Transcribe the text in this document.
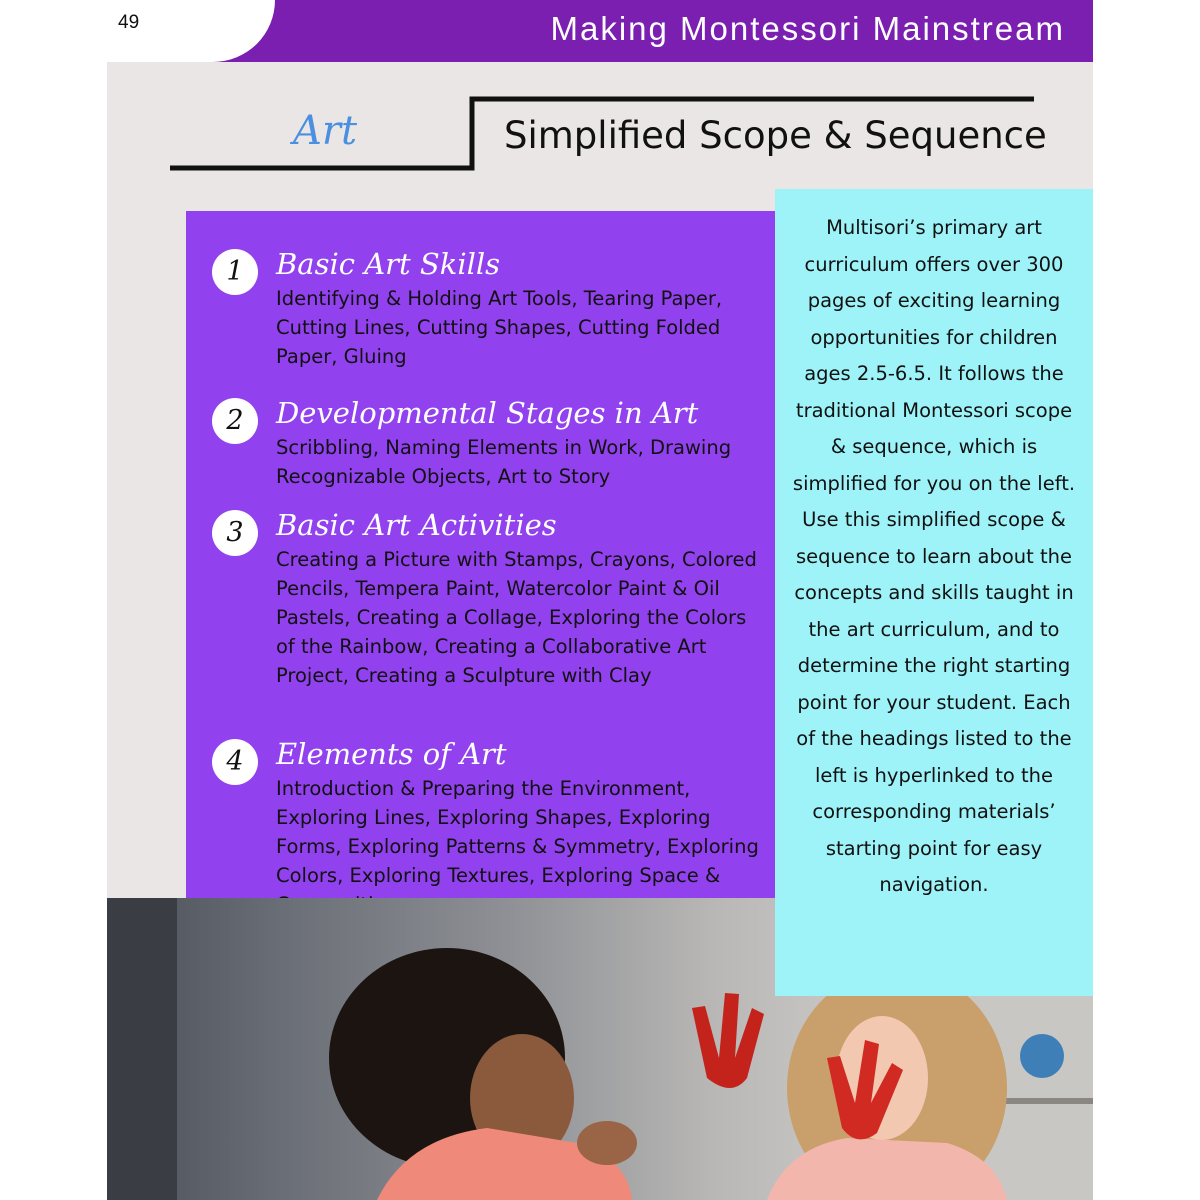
Making Montessori Mainstream
49
Art	Simplified Scope & Sequence
1	Basic Art Skills
Identifying & Holding Art Tools, Tearing Paper, Cutting Lines, Cutting Shapes, Cutting Folded Paper, Gluing
2	Developmental Stages in Art
Scribbling, Naming Elements in Work, Drawing Recognizable Objects, Art to Story
3	Basic Art Activities
Creating a Picture with Stamps, Crayons, Colored Pencils, Tempera Paint, Watercolor Paint & Oil Pastels, Creating a Collage, Exploring the Colors of the Rainbow, Creating a Collaborative Art Project, Creating a Sculpture with Clay
4	Elements of Art
Introduction & Preparing the Environment, Exploring Lines, Exploring Shapes, Exploring Forms, Exploring Patterns & Symmetry, Exploring Colors, Exploring Textures, Exploring Space &
Multisori’s primary art curriculum offers over 300 pages of exciting learning opportunities for children ages 2.5-6.5. It follows the traditional Montessori scope & sequence, which is simplified for you on the left. Use this simplified scope & sequence to learn about the concepts and skills taught in the art curriculum, and to determine the right starting point for your student. Each of the headings listed to the left is hyperlinked to the corresponding materials’ starting point for easy navigation.
